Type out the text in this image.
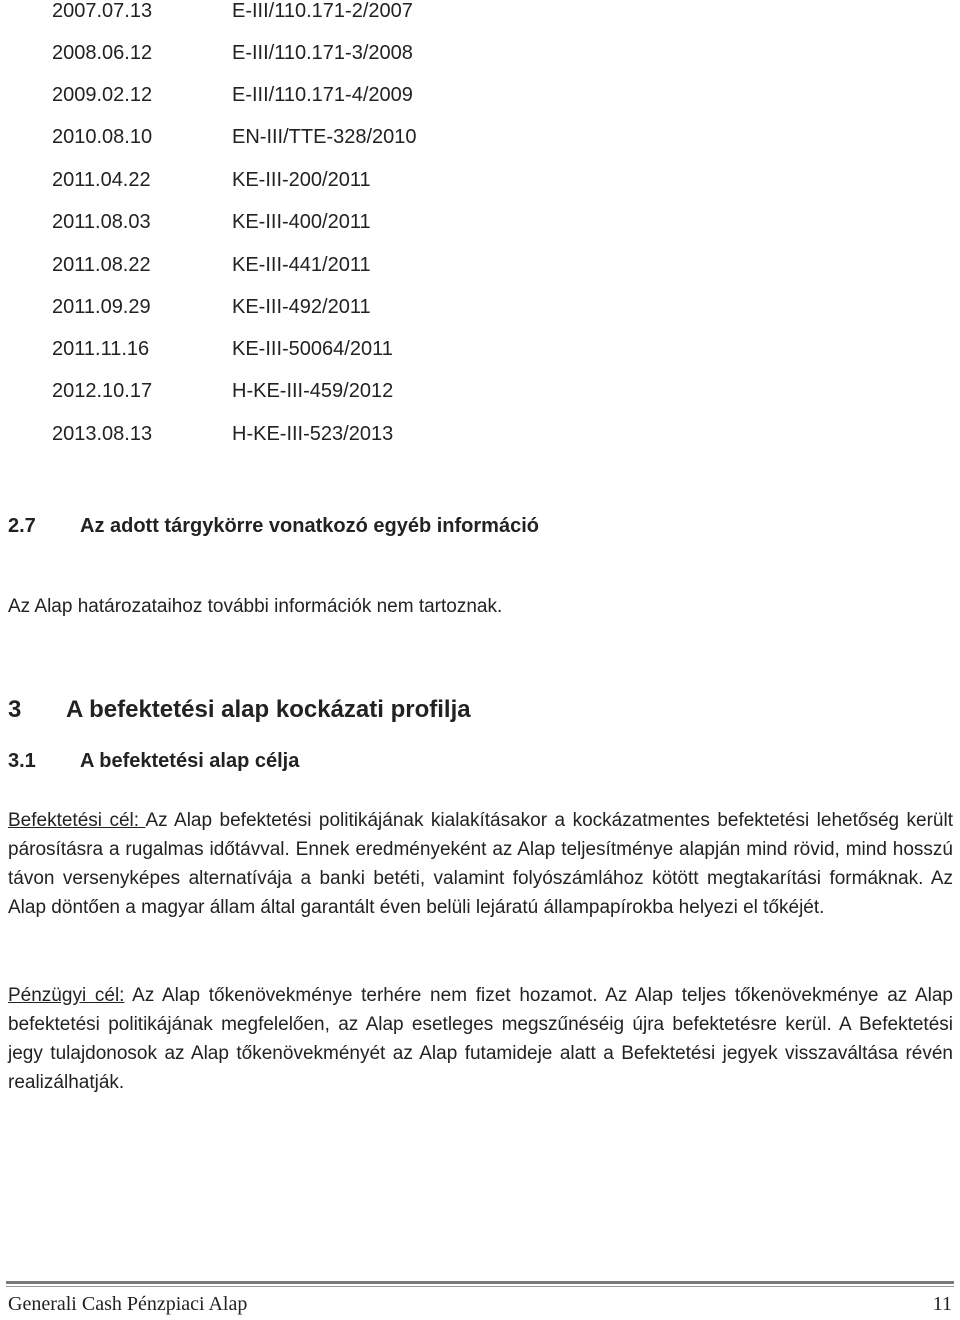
2007.07.13	E-III/110.171-2/2007
2008.06.12	E-III/110.171-3/2008
2009.02.12	E-III/110.171-4/2009
2010.08.10	EN-III/TTE-328/2010
2011.04.22	KE-III-200/2011
2011.08.03	KE-III-400/2011
2011.08.22	KE-III-441/2011
2011.09.29	KE-III-492/2011
2011.11.16	KE-III-50064/2011
2012.10.17	H-KE-III-459/2012
2013.08.13	H-KE-III-523/2013
2.7 Az adott tárgykörre vonatkozó egyéb információ
Az Alap határozataihoz további információk nem tartoznak.
3 A befektetési alap kockázati profilja
3.1 A befektetési alap célja
Befektetési cél: Az Alap befektetési politikájának kialakításakor a kockázatmentes befektetési lehetőség került párosításra a rugalmas időtávval. Ennek eredményeként az Alap teljesítménye alapján mind rövid, mind hosszú távon versenyképes alternatívája a banki betéti, valamint folyószámlához kötött megtakarítási formáknak. Az Alap döntően a magyar állam által garantált éven belüli lejáratú állampapírokba helyezi el tőkéjét.
Pénzügyi cél: Az Alap tőkenövekménye terhére nem fizet hozamot. Az Alap teljes tőkenövekménye az Alap befektetési politikájának megfelelően, az Alap esetleges megszűnéséig újra befektetésre kerül. A Befektetési jegy tulajdonosok az Alap tőkenövekményét az Alap futamideje alatt a Befektetési jegyek visszaváltása révén realizálhatják.
Generali Cash Pénzpiaci Alap	11
